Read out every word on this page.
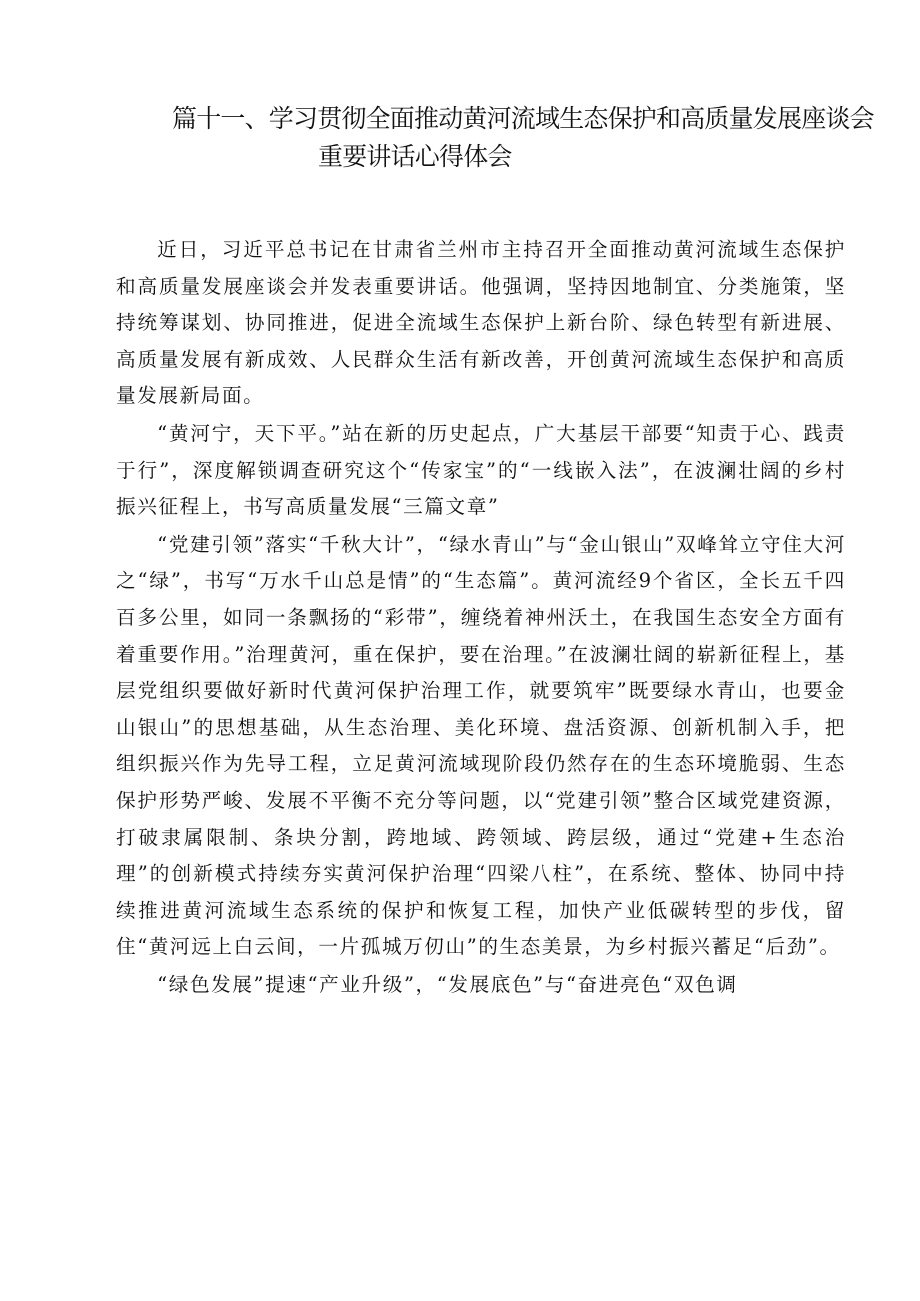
篇十一、学习贯彻全面推动黄河流域生态保护和高质量发展座谈会
重要讲话心得体会

近日，习近平总书记在甘肃省兰州市主持召开全面推动黄河流域生态保护和高质量发展座谈会并发表重要讲话。他强调，坚持因地制宜、分类施策，坚持统筹谋划、协同推进，促进全流域生态保护上新台阶、绿色转型有新进展、高质量发展有新成效、人民群众生活有新改善，开创黄河流域生态保护和高质量发展新局面。

“黄河宁，天下平。”站在新的历史起点，广大基层干部要“知责于心、践责于行”，深度解锁调查研究这个“传家宝”的“一线嵌入法”，在波澜壮阔的乡村振兴征程上，书写高质量发展“三篇文章”

“党建引领”落实“千秋大计”，“绿水青山”与“金山银山”双峰耸立守住大河之“绿”，书写“万水千山总是情”的“生态篇”。黄河流经9个省区，全长五千四百多公里，如同一条飘扬的“彩带”，缠绕着神州沃土，在我国生态安全方面有着重要作用。”治理黄河，重在保护，要在治理。”在波澜壮阔的崭新征程上，基层党组织要做好新时代黄河保护治理工作，就要筑牢”既要绿水青山，也要金山银山”的思想基础，从生态治理、美化环境、盘活资源、创新机制入手，把组织振兴作为先导工程，立足黄河流域现阶段仍然存在的生态环境脆弱、生态保护形势严峻、发展不平衡不充分等问题，以“党建引领”整合区域党建资源，打破隶属限制、条块分割，跨地域、跨领域、跨层级，通过“党建+生态治理”的创新模式持续夯实黄河保护治理“四梁八柱”，在系统、整体、协同中持续推进黄河流域生态系统的保护和恢复工程，加快产业低碳转型的步伐，留住“黄河远上白云间，一片孤城万仞山”的生态美景，为乡村振兴蓄足“后劲”。

“绿色发展”提速“产业升级”，“发展底色”与“奋进亮色“双色调
